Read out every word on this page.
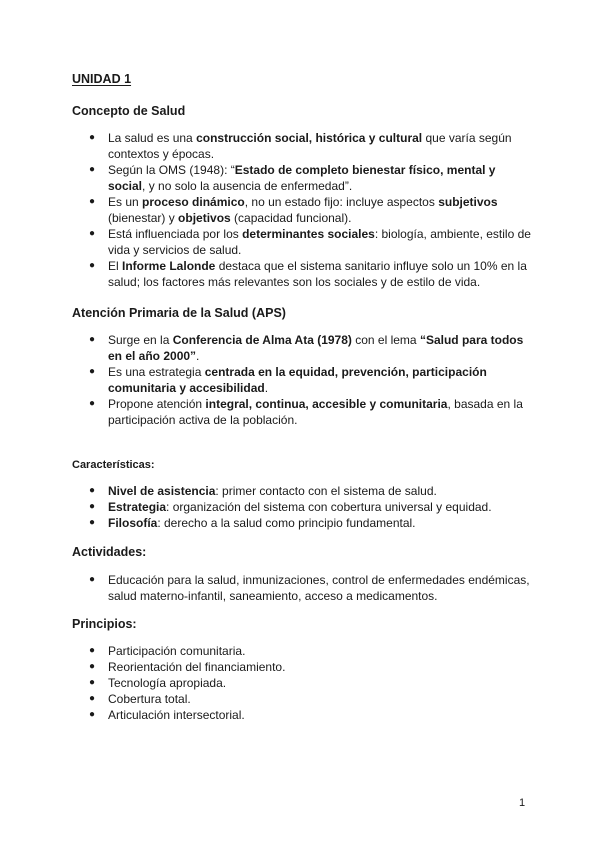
UNIDAD 1
Concepto de Salud
● La salud es una construcción social, histórica y cultural que varía según contextos y épocas.
● Según la OMS (1948): “Estado de completo bienestar físico, mental y social, y no solo la ausencia de enfermedad”.
● Es un proceso dinámico, no un estado fijo: incluye aspectos subjetivos (bienestar) y objetivos (capacidad funcional).
● Está influenciada por los determinantes sociales: biología, ambiente, estilo de vida y servicios de salud.
● El Informe Lalonde destaca que el sistema sanitario influye solo un 10% en la salud; los factores más relevantes son los sociales y de estilo de vida.
Atención Primaria de la Salud (APS)
● Surge en la Conferencia de Alma Ata (1978) con el lema “Salud para todos en el año 2000”.
● Es una estrategia centrada en la equidad, prevención, participación comunitaria y accesibilidad.
● Propone atención integral, continua, accesible y comunitaria, basada en la participación activa de la población.
Características:
● Nivel de asistencia: primer contacto con el sistema de salud.
● Estrategia: organización del sistema con cobertura universal y equidad.
● Filosofía: derecho a la salud como principio fundamental.
Actividades:
● Educación para la salud, inmunizaciones, control de enfermedades endémicas, salud materno-infantil, saneamiento, acceso a medicamentos.
Principios:
● Participación comunitaria.
● Reorientación del financiamiento.
● Tecnología apropiada.
● Cobertura total.
● Articulación intersectorial.

1
